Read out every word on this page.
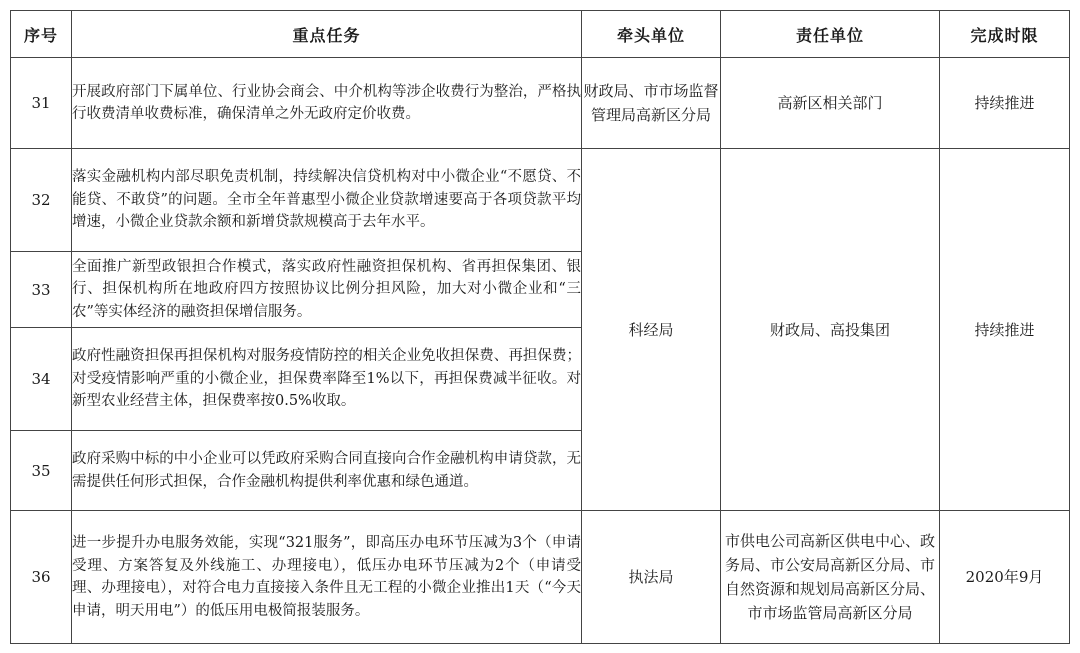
序号	重点任务	牵头单位	责任单位	完成时限
31	开展政府部门下属单位、行业协会商会、中介机构等涉企收费行为整治，严格执行收费清单收费标准，确保清单之外无政府定价收费。	财政局、市市场监督管理局高新区分局	高新区相关部门	持续推进
32	落实金融机构内部尽职免责机制，持续解决信贷机构对中小微企业“不愿贷、不能贷、不敢贷”的问题。全市全年普惠型小微企业贷款增速要高于各项贷款平均增速，小微企业贷款余额和新增贷款规模高于去年水平。	科经局	财政局、高投集团	持续推进
33	全面推广新型政银担合作模式，落实政府性融资担保机构、省再担保集团、银行、担保机构所在地政府四方按照协议比例分担风险，加大对小微企业和“三农”等实体经济的融资担保增信服务。			
34	政府性融资担保再担保机构对服务疫情防控的相关企业免收担保费、再担保费；对受疫情影响严重的小微企业，担保费率降至1%以下，再担保费减半征收。对新型农业经营主体，担保费率按0.5%收取。			
35	政府采购中标的中小企业可以凭政府采购合同直接向合作金融机构申请贷款，无需提供任何形式担保，合作金融机构提供利率优惠和绿色通道。			
36	进一步提升办电服务效能，实现“321服务”，即高压办电环节压减为3个（申请受理、方案答复及外线施工、办理接电），低压办电环节压减为2个（申请受理、办理接电），对符合电力直接接入条件且无工程的小微企业推出1天（“今天申请，明天用电”）的低压用电极简报装服务。	执法局	市供电公司高新区供电中心、政务局、市公安局高新区分局、市自然资源和规划局高新区分局、市市场监管局高新区分局	2020年9月
